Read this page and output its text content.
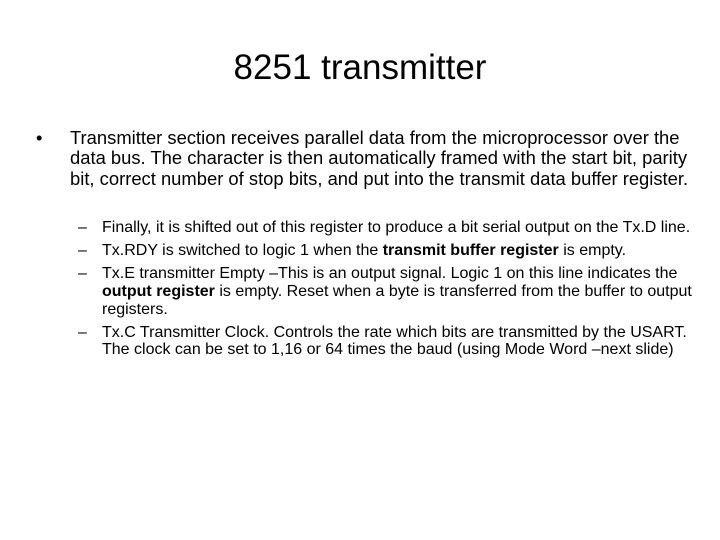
8251 transmitter
•	Transmitter section receives parallel data from the microprocessor over the data bus. The character is then automatically framed with the start bit, parity bit, correct number of stop bits, and put into the transmit data buffer register.
– Finally, it is shifted out of this register to produce a bit serial output on the Tx.D line.
– Tx.RDY is switched to logic 1 when the transmit buffer register is empty.
– Tx.E transmitter Empty –This is an output signal. Logic 1 on this line indicates the output register is empty. Reset when a byte is transferred from the buffer to output registers.
– Tx.C Transmitter Clock. Controls the rate which bits are transmitted by the USART. The clock can be set to 1,16 or 64 times the baud (using Mode Word –next slide)
